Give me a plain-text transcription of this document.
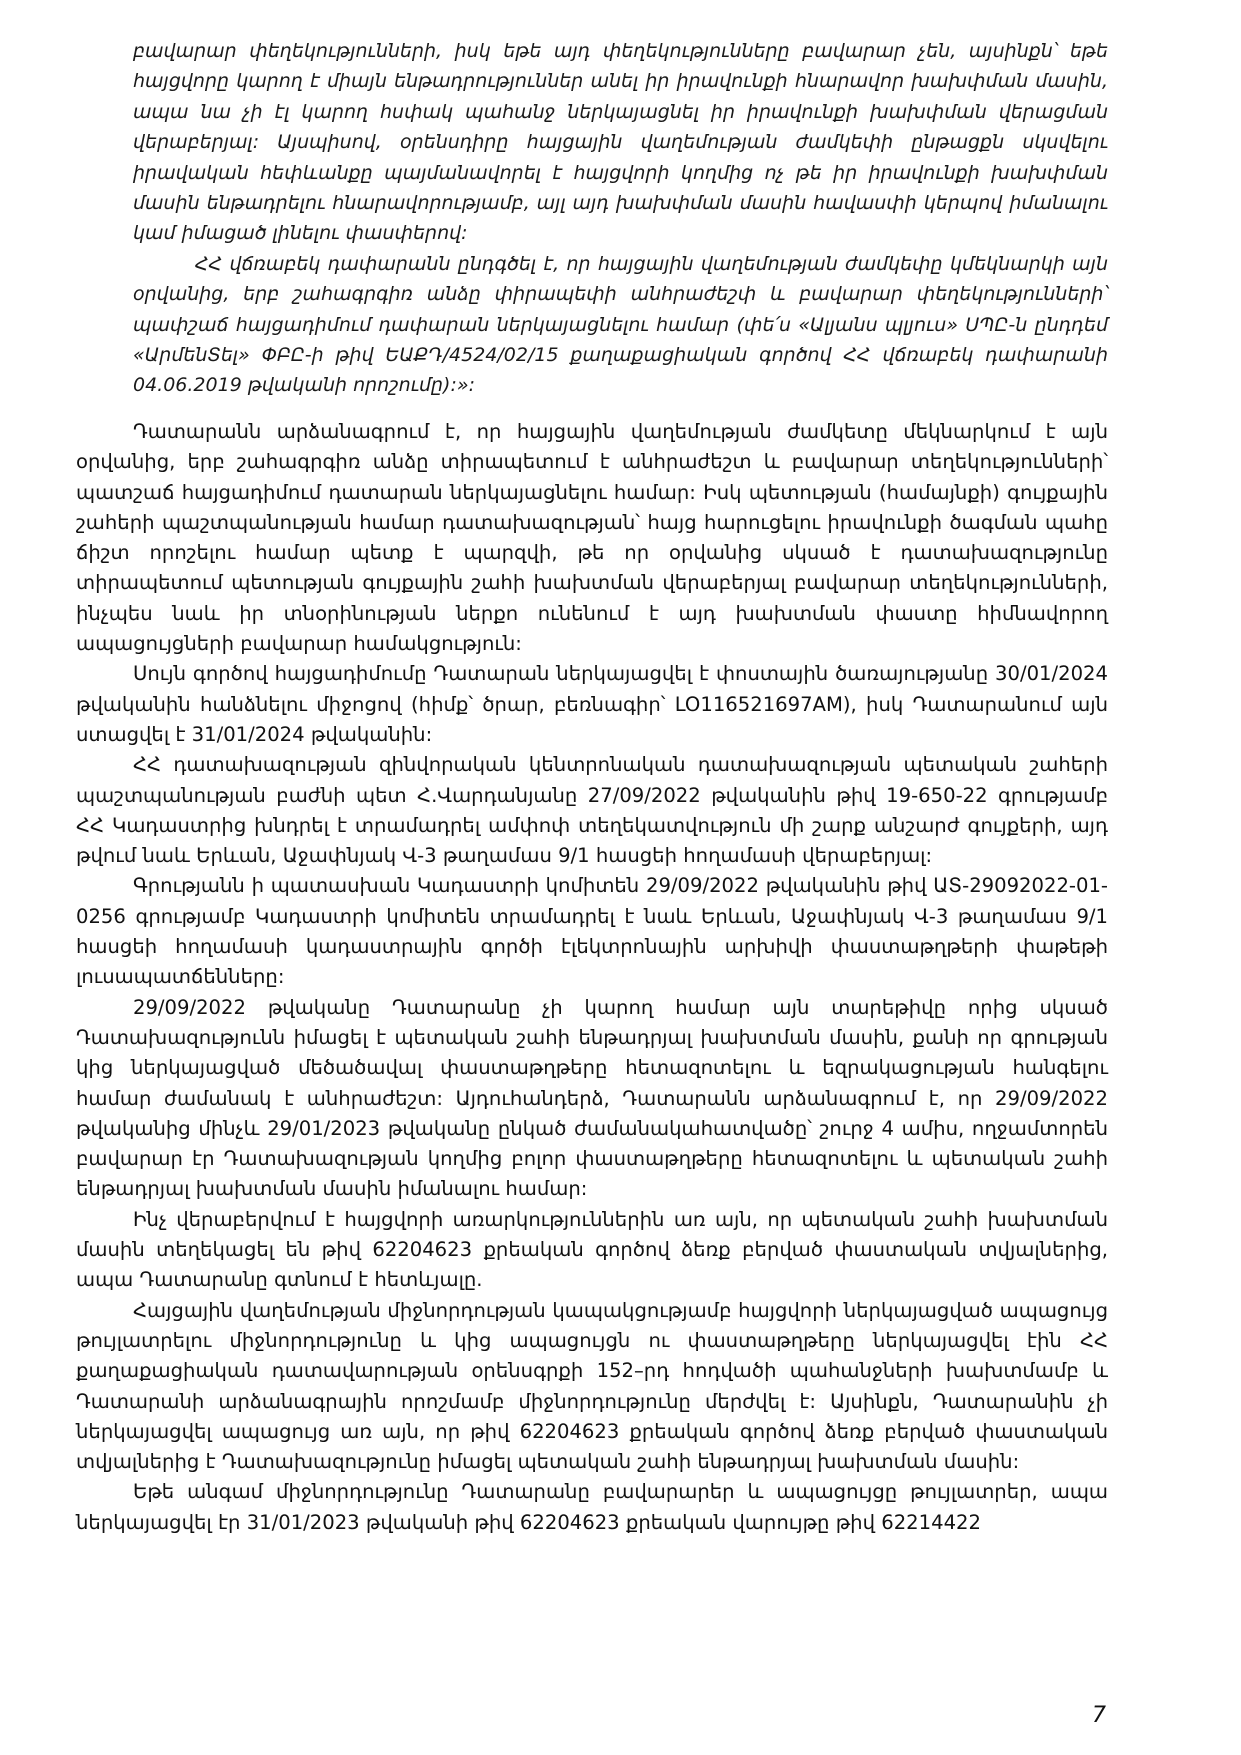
բավարար փեղեկությունների, իսկ եթե այդ փեղեկությունները բավարար չեն, այսինքն՝ եթե հայցվորը կարող է միայն ենթադրություններ անել իր իրավունքի հնարավոր խախփման մասին, ապա նա չի էլ կարող հսփակ պահանջ ներկայացնել իր իրավունքի խախփման վերացման վերաբերյալ: Այսպիսով, օրենսդիրը հայցային վաղեմության ժամկեփի ընթացքն սկսվելու իրավական հեփևանքը պայմանավորել է հայցվորի կողմից ոչ թե իր իրավունքի խախփման մասին ենթադրելու հնարավորությամբ, այլ այդ խախփման մասին հավասփի կերպով իմանալու կամ իմացած լինելու փասփերով:

ՀՀ վճռաբեկ դափարանն ընդգծել է, որ հայցային վաղեմության ժամկեփը կմեկնարկի այն օրվանից, երբ շահագրգիռ անձը փիրապեփի անհրաժեշփ և բավարար փեղեկությունների՝ պափշաճ հայցադիմում դափարան ներկայացնելու համար (փե՛ս «Ալյանս պլյուս» ՍՊԸ-ն ընդդեմ «ԱրմենՏել» ՓԲԸ-ի թիվ ԵԱՔԴ/4524/02/15 քաղաքացիական գործով ՀՀ վճռաբեկ դափարանի 04.06.2019 թվականի որոշումը):»:

Դատարանն արձանագրում է, որ հայցային վաղեմության ժամկետը մեկնարկում է այն օրվանից, երբ շահագրգիռ անձը տիրապետում է անհրաժեշտ և բավարար տեղեկությունների՝ պատշաճ հայցադիմում դատարան ներկայացնելու համար: Իսկ պետության (համայնքի) գույքային շահերի պաշտպանության համար դատախազության՝ հայց հարուցելու իրավունքի ծագման պահը ճիշտ որոշելու համար պետք է պարզվի, թե որ օրվանից սկսած է դատախազությունը տիրապետում պետության գույքային շահի խախտման վերաբերյալ բավարար տեղեկությունների, ինչպես նաև իր տնօրինության ներքո ունենում է այդ խախտման փաստը հիմնավորող ապացույցների բավարար համակցություն:

Սույն գործով հայցադիմումը Դատարան ներկայացվել է փոստային ծառայությանը 30/01/2024 թվականին հանձնելու միջոցով (հիմք՝ ծրար, բեռնագիր՝ LO116521697AM), իսկ Դատարանում այն ստացվել է 31/01/2024 թվականին:

ՀՀ դատախազության զինվորական կենտրոնական դատախազության պետական շահերի պաշտպանության բաժնի պետ Հ.Վարդանյանը 27/09/2022 թվականին թիվ 19-650-22 գրությամբ ՀՀ Կադաստրից խնդրել է տրամադրել ամփոփ տեղեկատվություն մի շարք անշարժ գույքերի, այդ թվում նաև Երևան, Աջափնյակ Վ-3 թաղամաս 9/1 հասցեի հողամասի վերաբերյալ:

Գրությանն ի պատասխան Կադաստրի կոմիտեն 29/09/2022 թվականին թիվ ԱՏ-29092022-01-0256 գրությամբ Կադաստրի կոմիտեն տրամադրել է նաև Երևան, Աջափնյակ Վ-3 թաղամաս 9/1 հասցեի հողամասի կադաստրային գործի էլեկտրոնային արխիվի փաստաթղթերի փաթեթի լուսապատճենները:

29/09/2022 թվականը Դատարանը չի կարող համար այն տարեթիվը որից սկսած Դատախազությունն իմացել է պետական շահի ենթադրյալ խախտման մասին, քանի որ գրության կից ներկայացված մեծածավալ փաստաթղթերը հետազոտելու և եզրակացության հանգելու համար ժամանակ է անհրաժեշտ: Այդուհանդերձ, Դատարանն արձանագրում է, որ 29/09/2022 թվականից մինչև 29/01/2023 թվականը ընկած ժամանակահատվածը՝ շուրջ 4 ամիս, ողջամտորեն բավարար էր Դատախազության կողմից բոլոր փաստաթղթերը հետազոտելու և պետական շահի ենթադրյալ խախտման մասին իմանալու համար:

Ինչ վերաբերվում է հայցվորի առարկություններին առ այն, որ պետական շահի խախտման մասին տեղեկացել են թիվ 62204623 քրեական գործով ձեռք բերված փաստական տվյալներից, ապա Դատարանը գտնում է հետևյալը.

Հայցային վաղեմության միջնորդության կապակցությամբ հայցվորի ներկայացված ապացույց թույլատրելու միջնորդությունը և կից ապացույցն ու փաստաթղթերը ներկայացվել էին ՀՀ քաղաքացիական դատավարության օրենսգրքի 152–րդ հոդվածի պահանջների խախտմամբ և Դատարանի արձանագրային որոշմամբ միջնորդությունը մերժվել է: Այսինքն, Դատարանին չի ներկայացվել ապացույց առ այն, որ թիվ 62204623 քրեական գործով ձեռք բերված փաստական տվյալներից է Դատախազությունը իմացել պետական շահի ենթադրյալ խախտման մասին:

Եթե անգամ միջնորդությունը Դատարանը բավարարեր և ապացույցը թույլատրեր, ապա ներկայացվել էր 31/01/2023 թվականի թիվ 62204623 քրեական վարույթը թիվ 62214422

7
